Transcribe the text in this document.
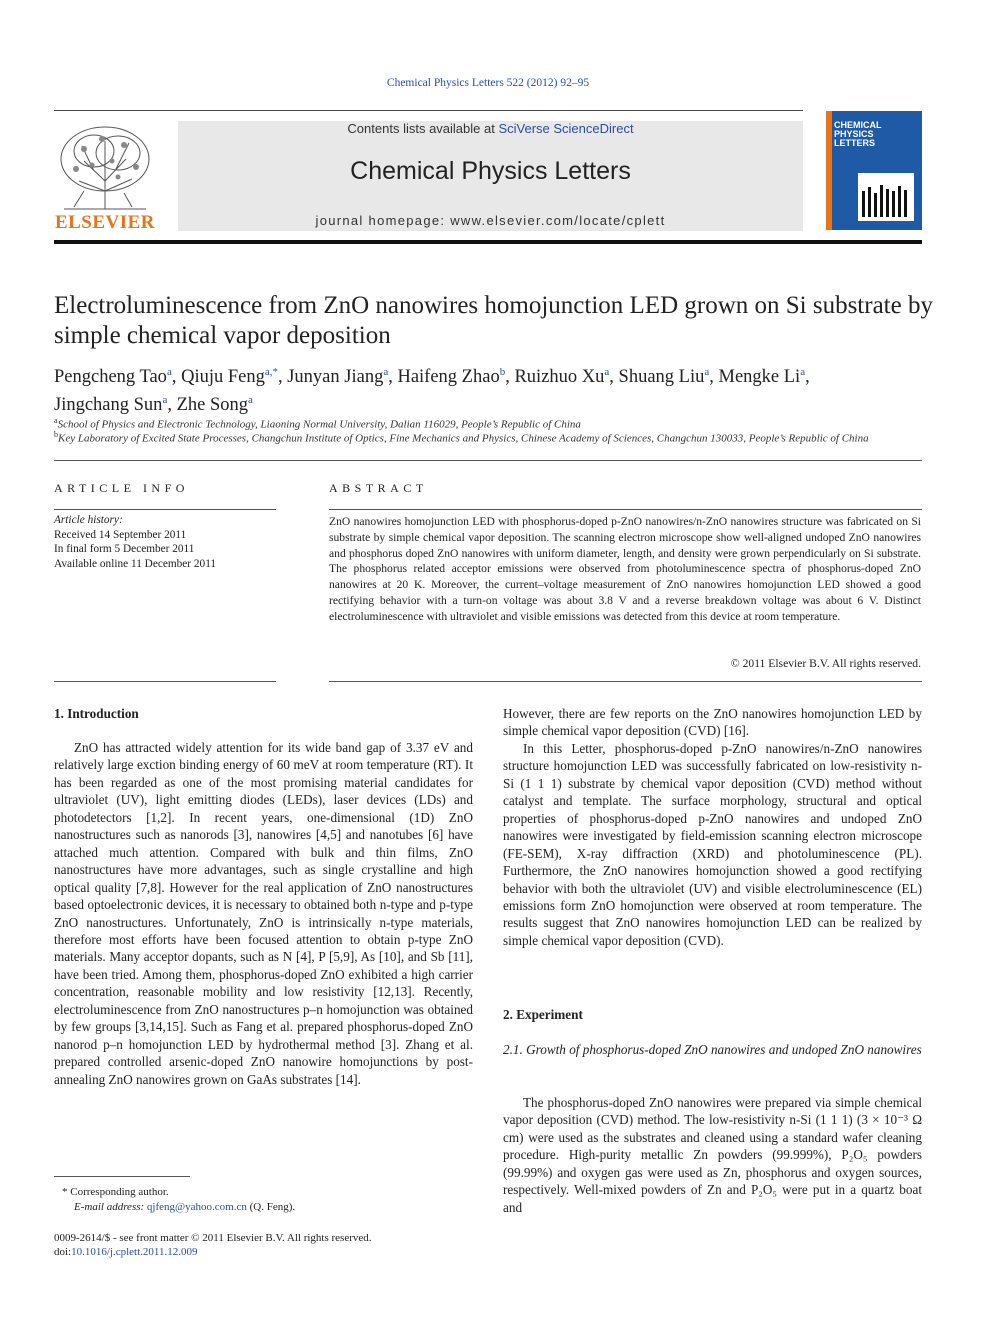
Chemical Physics Letters 522 (2012) 92–95
ELSEVIER
Contents lists available at SciVerse ScienceDirect
Chemical Physics Letters
journal homepage: www.elsevier.com/locate/cplett
CHEMICAL PHYSICS LETTERS
Electroluminescence from ZnO nanowires homojunction LED grown on Si substrate by simple chemical vapor deposition
Pengcheng Tao$^a$, Qiuju Feng$^{a,*}$, Junyan Jiang$^a$, Haifeng Zhao$^b$, Ruizhuo Xu$^a$, Shuang Liu$^a$, Mengke Li$^a$,
Jingchang Sun$^a$, Zhe Song$^a$
$^a$School of Physics and Electronic Technology, Liaoning Normal University, Dalian 116029, People’s Republic of China
$^b$Key Laboratory of Excited State Processes, Changchun Institute of Optics, Fine Mechanics and Physics, Chinese Academy of Sciences, Changchun 130033, People’s Republic of China
ARTICLE INFO	ABSTRACT
Article history:
Received 14 September 2011
In final form 5 December 2011
Available online 11 December 2011
ZnO nanowires homojunction LED with phosphorus-doped p-ZnO nanowires/n-ZnO nanowires structure was fabricated on Si substrate by simple chemical vapor deposition. The scanning electron microscope show well-aligned undoped ZnO nanowires and phosphorus doped ZnO nanowires with uniform diameter, length, and density were grown perpendicularly on Si substrate. The phosphorus related acceptor emissions were observed from photoluminescence spectra of phosphorus-doped ZnO nanowires at 20 K. Moreover, the current–voltage measurement of ZnO nanowires homojunction LED showed a good rectifying behavior with a turn-on voltage was about 3.8 V and a reverse breakdown voltage was about 6 V. Distinct electroluminescence with ultraviolet and visible emissions was detected from this device at room temperature.
© 2011 Elsevier B.V. All rights reserved.
1. Introduction

ZnO has attracted widely attention for its wide band gap of 3.37 eV and relatively large exction binding energy of 60 meV at room temperature (RT). It has been regarded as one of the most promising material candidates for ultraviolet (UV), light emitting diodes (LEDs), laser devices (LDs) and photodetectors [1,2]. In recent years, one-dimensional (1D) ZnO nanostructures such as nanorods [3], nanowires [4,5] and nanotubes [6] have attached much attention. Compared with bulk and thin films, ZnO nanostructures have more advantages, such as single crystalline and high optical quality [7,8]. However for the real application of ZnO nanostructures based optoelectronic devices, it is necessary to obtained both n-type and p-type ZnO nanostructures. Unfortunately, ZnO is intrinsically n-type materials, therefore most efforts have been focused attention to obtain p-type ZnO materials. Many acceptor dopants, such as N [4], P [5,9], As [10], and Sb [11], have been tried. Among them, phosphorus-doped ZnO exhibited a high carrier concentration, reasonable mobility and low resistivity [12,13]. Recently, electroluminescence from ZnO nanostructures p–n homojunction was obtained by few groups [3,14,15]. Such as Fang et al. prepared phosphorus-doped ZnO nanorod p–n homojunction LED by hydrothermal method [3]. Zhang et al. prepared controlled arsenic-doped ZnO nanowire homojunctions by post-annealing ZnO nanowires grown on GaAs substrates [14].

However, there are few reports on the ZnO nanowires homojunction LED by simple chemical vapor deposition (CVD) [16].

In this Letter, phosphorus-doped p-ZnO nanowires/n-ZnO nanowires structure homojunction LED was successfully fabricated on low-resistivity n-Si (1 1 1) substrate by chemical vapor deposition (CVD) method without catalyst and template. The surface morphology, structural and optical properties of phosphorus-doped p-ZnO nanowires and undoped ZnO nanowires were investigated by field-emission scanning electron microscope (FE-SEM), X-ray diffraction (XRD) and photoluminescence (PL). Furthermore, the ZnO nanowires homojunction showed a good rectifying behavior with both the ultraviolet (UV) and visible electroluminescence (EL) emissions form ZnO homojunction were observed at room temperature. The results suggest that ZnO nanowires homojunction LED can be realized by simple chemical vapor deposition (CVD).

2. Experiment
2.1. Growth of phosphorus-doped ZnO nanowires and undoped ZnO nanowires

The phosphorus-doped ZnO nanowires were prepared via simple chemical vapor deposition (CVD) method. The low-resistivity n-Si (1 1 1) (3 × 10⁻³ Ω cm) were used as the substrates and cleaned using a standard wafer cleaning procedure. High-purity metallic Zn powders (99.999%), P₂O₅ powders (99.99%) and oxygen gas were used as Zn, phosphorus and oxygen sources, respectively. Well-mixed powders of Zn and P₂O₅ were put in a quartz boat and

* Corresponding author.
E-mail address: qjfeng@yahoo.com.cn (Q. Feng).
0009-2614/$ - see front matter © 2011 Elsevier B.V. All rights reserved.
doi:10.1016/j.cplett.2011.12.009
